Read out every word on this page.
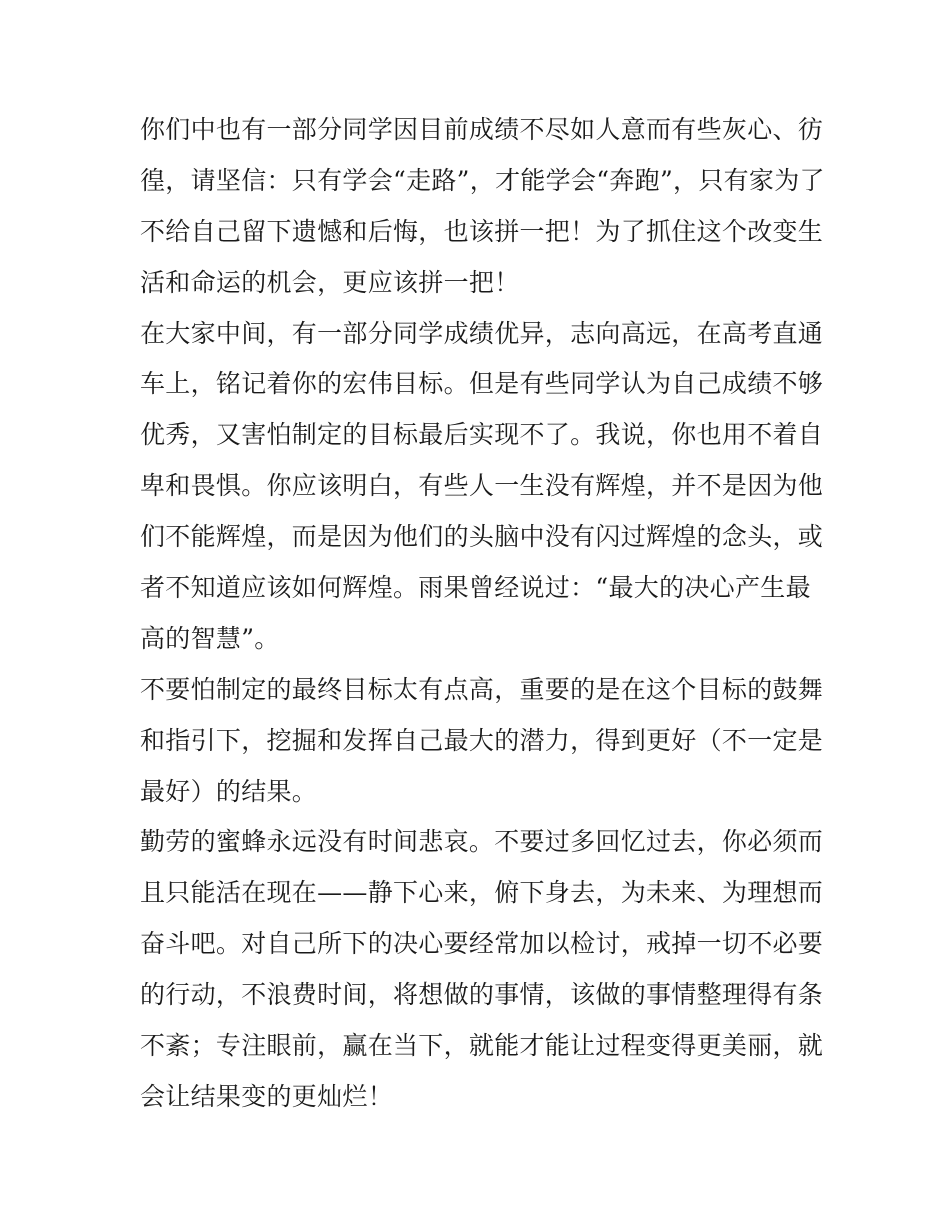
你们中也有一部分同学因目前成绩不尽如人意而有些灰心、彷
徨，请坚信：只有学会“走路”，才能学会“奔跑”，只有家为了
不给自己留下遗憾和后悔，也该拼一把！为了抓住这个改变生
活和命运的机会，更应该拼一把！
在大家中间，有一部分同学成绩优异，志向高远，在高考直通
车上，铭记着你的宏伟目标。但是有些同学认为自己成绩不够
优秀，又害怕制定的目标最后实现不了。我说，你也用不着自
卑和畏惧。你应该明白，有些人一生没有辉煌，并不是因为他
们不能辉煌，而是因为他们的头脑中没有闪过辉煌的念头，或
者不知道应该如何辉煌。雨果曾经说过：“最大的决心产生最
高的智慧”。
不要怕制定的最终目标太有点高，重要的是在这个目标的鼓舞
和指引下，挖掘和发挥自己最大的潜力，得到更好（不一定是
最好）的结果。
勤劳的蜜蜂永远没有时间悲哀。不要过多回忆过去，你必须而
且只能活在现在——静下心来，俯下身去，为未来、为理想而
奋斗吧。对自己所下的决心要经常加以检讨，戒掉一切不必要
的行动，不浪费时间，将想做的事情，该做的事情整理得有条
不紊；专注眼前，赢在当下，就能才能让过程变得更美丽，就
会让结果变的更灿烂！
